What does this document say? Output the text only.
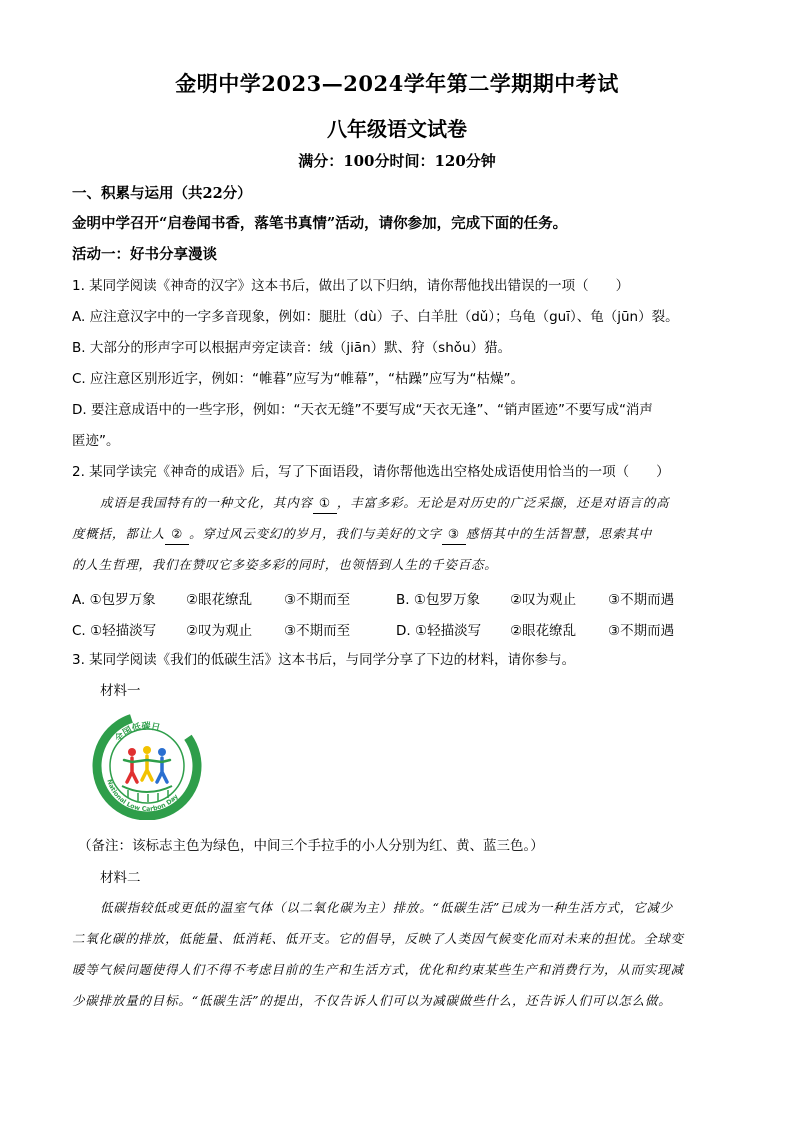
金明中学2023—2024学年第二学期期中考试
八年级语文试卷
满分：100分时间：120分钟
一、积累与运用（共22分）
金明中学召开“启卷闻书香，落笔书真情”活动，请你参加，完成下面的任务。
活动一：好书分享漫谈
1. 某同学阅读《神奇的汉字》这本书后，做出了以下归纳，请你帮他找出错误的一项（　　）
A. 应注意汉字中的一字多音现象，例如：腿肚（dù）子、白羊肚（dǔ）；乌龟（guī）、龟（jūn）裂。
B. 大部分的形声字可以根据声旁定读音：绒（jiān）默、狩（shǒu）猎。
C. 应注意区别形近字，例如：“帷暮”应写为“帷幕”，“枯躁”应写为“枯燥”。
D. 要注意成语中的一些字形，例如：“天衣无缝”不要写成“天衣无逢”、“销声匿迹”不要写成“消声
匿迹”。
2. 某同学读完《神奇的成语》后，写了下面语段，请你帮他选出空格处成语使用恰当的一项（　　）
成语是我国特有的一种文化，其内容 ① ，丰富多彩。无论是对历史的广泛采撷，还是对语言的高
度概括，都让人 ② 。穿过风云变幻的岁月，我们与美好的文字 ③ 感悟其中的生活智慧，思索其中
的人生哲理，我们在赞叹它多姿多彩的同时，也领悟到人生的千姿百态。
A. ①包罗万象 ②眼花缭乱 ③不期而至	B. ①包罗万象 ②叹为观止 ③不期而遇
C. ①轻描淡写 ②叹为观止 ③不期而至	D. ①轻描淡写 ②眼花缭乱 ③不期而遇
3. 某同学阅读《我们的低碳生活》这本书后，与同学分享了下边的材料，请你参与。
材料一
全国低碳日
National Low Carbon Day
（备注：该标志主色为绿色，中间三个手拉手的小人分别为红、黄、蓝三色。）
材料二
低碳指较低或更低的温室气体（以二氧化碳为主）排放。“低碳生活”已成为一种生活方式，它减少
二氧化碳的排放，低能量、低消耗、低开支。它的倡导，反映了人类因气候变化而对未来的担忧。全球变
暖等气候问题使得人们不得不考虑目前的生产和生活方式，优化和约束某些生产和消费行为，从而实现减
少碳排放量的目标。“低碳生活”的提出，不仅告诉人们可以为减碳做些什么，还告诉人们可以怎么做。
